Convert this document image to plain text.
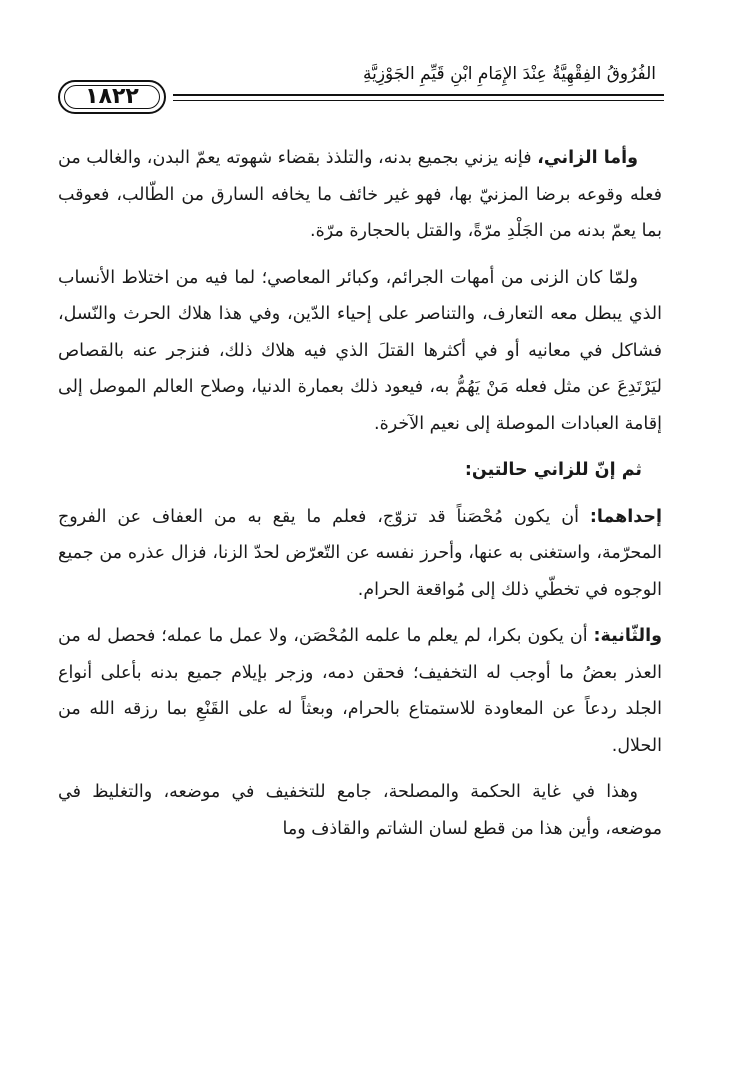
الفُرُوقُ الفِقْهِيَّةُ عِنْدَ الإِمَامِ ابْنِ قَيِّمِ الجَوْزِيَّةِ
١٨٢٢

وأما الزاني، فإنه يزني بجميع بدنه، والتلذذ بقضاء شهوته يعمّ البدن، والغالب من فعله وقوعه برضا المزنيّ بها، فهو غير خائف ما يخافه السارق من الطّالب، فعوقب بما يعمّ بدنه من الجَلْدِ مرّةً، والقتل بالحجارة مرّة.

ولمّا كان الزنى من أمهات الجرائم، وكبائر المعاصي؛ لما فيه من اختلاط الأنساب الذي يبطل معه التعارف، والتناصر على إحياء الدّين، وفي هذا هلاك الحرث والنّسل، فشاكل في معانيه أو في أكثرها القتلَ الذي فيه هلاك ذلك، فنزجر عنه بالقصاص ليَرْتَدِعَ عن مثل فعله مَنْ يَهُمُّ به، فيعود ذلك بعمارة الدنيا، وصلاح العالم الموصل إلى إقامة العبادات الموصلة إلى نعيم الآخرة.

ثم إنّ للزاني حالتين:

إحداهما: أن يكون مُحْصَناً قد تزوّج، فعلم ما يقع به من العفاف عن الفروج المحرّمة، واستغنى به عنها، وأحرز نفسه عن التّعرّض لحدّ الزنا، فزال عذره من جميع الوجوه في تخطّي ذلك إلى مُواقعة الحرام.

والثّانية: أن يكون بكرا، لم يعلم ما علمه المُحْصَن، ولا عمل ما عمله؛ فحصل له من العذر بعضُ ما أوجب له التخفيف؛ فحقن دمه، وزجر بإيلام جميع بدنه بأعلى أنواع الجلد ردعاً عن المعاودة للاستمتاع بالحرام، وبعثاً له على القَنْعِ بما رزقه الله من الحلال.

وهذا في غاية الحكمة والمصلحة، جامع للتخفيف في موضعه، والتغليظ في موضعه، وأين هذا من قطع لسان الشاتم والقاذف وما
